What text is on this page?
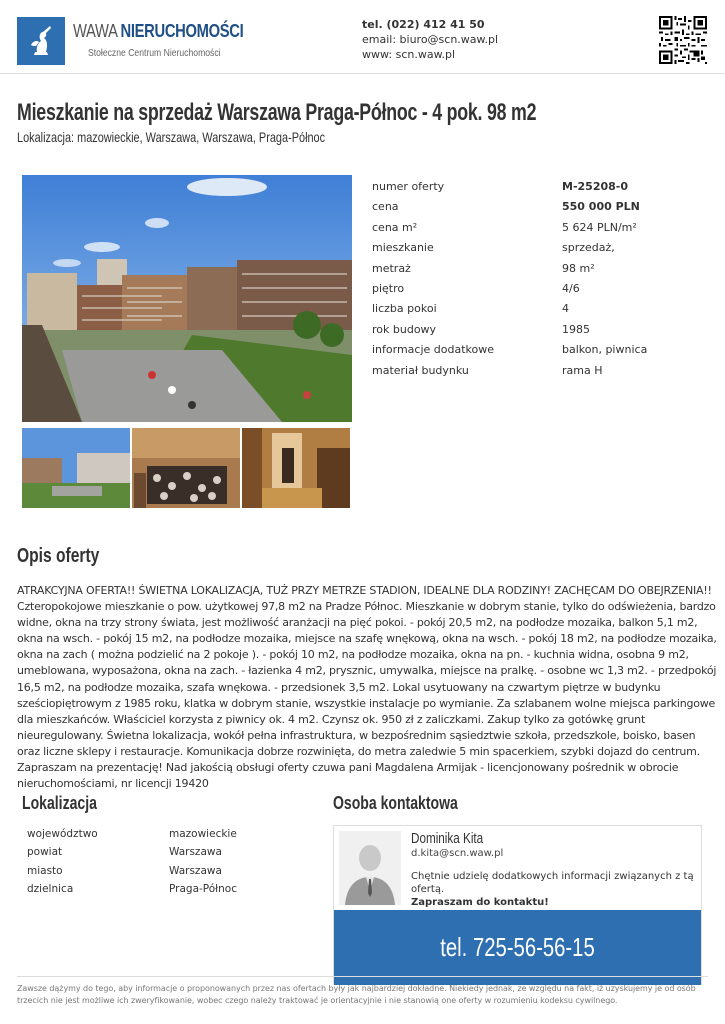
WAWA NIERUCHOMOŚCI
Stołeczne Centrum Nieruchomości
tel. (022) 412 41 50
email: biuro@scn.waw.pl
www: scn.waw.pl
Mieszkanie na sprzedaż Warszawa Praga-Północ - 4 pok. 98 m2
Lokalizacja: mazowieckie, Warszawa, Warszawa, Praga-Północ
numer oferty	M-25208-0
cena	550 000 PLN
cena m²	5 624 PLN/m²
mieszkanie	sprzedaż,
metraż	98 m²
piętro	4/6
liczba pokoi	4
rok budowy	1985
informacje dodatkowe	balkon, piwnica
materiał budynku	rama H
Opis oferty

ATRAKCYJNA OFERTA!! ŚWIETNA LOKALIZACJA, TUŻ PRZY METRZE STADION, IDEALNE DLA RODZINY! ZACHĘCAM DO OBEJRZENIA!! Czteropokojowe mieszkanie o pow. użytkowej 97,8 m2 na Pradze Północ. Mieszkanie w dobrym stanie, tylko do odświeżenia, bardzo widne, okna na trzy strony świata, jest możliwość aranżacji na pięć pokoi. - pokój 20,5 m2, na podłodze mozaika, balkon 5,1 m2, okna na wsch. - pokój 15 m2, na podłodze mozaika, miejsce na szafę wnękową, okna na wsch. - pokój 18 m2, na podłodze mozaika, okna na zach ( można podzielić na 2 pokoje ). - pokój 10 m2, na podłodze mozaika, okna na pn. - kuchnia widna, osobna 9 m2, umeblowana, wyposażona, okna na zach. - łazienka 4 m2, prysznic, umywalka, miejsce na pralkę. - osobne wc 1,3 m2. - przedpokój 16,5 m2, na podłodze mozaika, szafa wnękowa. - przedsionek 3,5 m2. Lokal usytuowany na czwartym piętrze w budynku sześciopiętrowym z 1985 roku, klatka w dobrym stanie, wszystkie instalacje po wymianie. Za szlabanem wolne miejsca parkingowe dla mieszkańców. Właściciel korzysta z piwnicy ok. 4 m2. Czynsz ok. 950 zł z zaliczkami. Zakup tylko za gotówkę grunt nieuregulowany. Świetna lokalizacja, wokół pełna infrastruktura, w bezpośrednim sąsiedztwie szkoła, przedszkole, boisko, basen oraz liczne sklepy i restauracje. Komunikacja dobrze rozwinięta, do metra zaledwie 5 min spacerkiem, szybki dojazd do centrum. Zapraszam na prezentację! Nad jakością obsługi oferty czuwa pani Magdalena Armijak - licencjonowany pośrednik w obrocie nieruchomościami, nr licencji 19420

Lokalizacja
województwo	mazowieckie
powiat	Warszawa
miasto	Warszawa
dzielnica	Praga-Północ
Osoba kontaktowa
Dominika Kita
d.kita@scn.waw.pl
Chętnie udzielę dodatkowych informacji związanych z tą ofertą.
Zapraszam do kontaktu!
tel. 725-56-56-15
Zawsze dążymy do tego, aby informacje o proponowanych przez nas ofertach były jak najbardziej dokładne. Niekiedy jednak, ze względu na fakt, iż uzyskujemy je od osób trzecich nie jest możliwe ich zweryfikowanie, wobec czego należy traktować je orientacyjnie i nie stanowią one oferty w rozumieniu kodeksu cywilnego.
